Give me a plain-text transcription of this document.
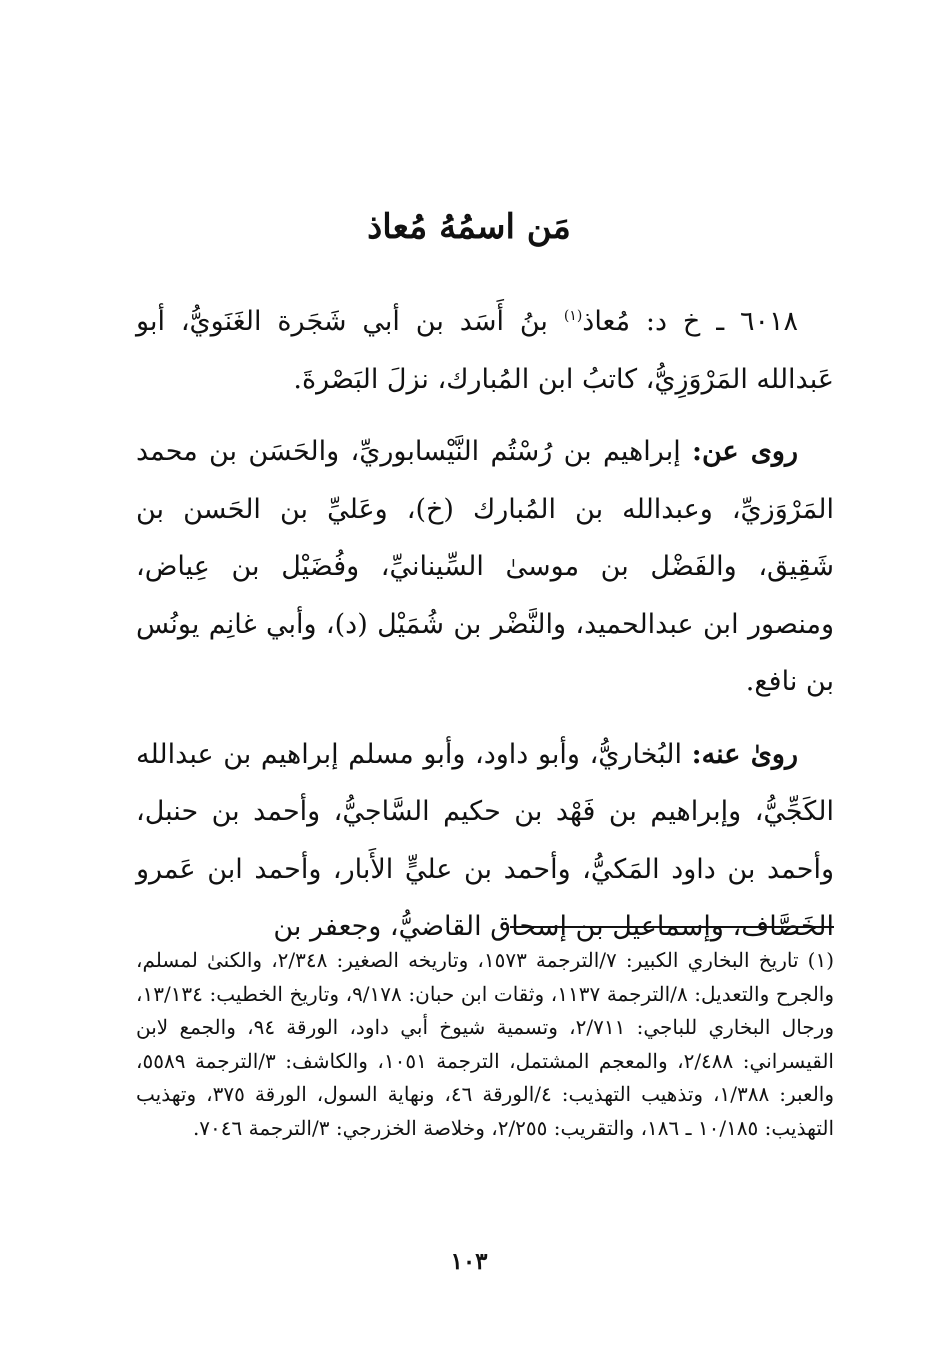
مَن اسمُهُ مُعاذ

٦٠١٨ ـ خ د: مُعاذ$^{(١)}$ بنُ أَسَد بن أبي شَجَرة الغَنَويُّ، أبو عَبدالله المَرْوَزِيُّ، كاتبُ ابن المُبارك، نزلَ البَصْرةَ.

روى عن: إبراهيم بن رُسْتُم النَّيْسابوريِّ، والحَسَن بن محمد المَرْوَزيِّ، وعبدالله بن المُبارك (خ)، وعَليِّ بن الحَسن بن شَقِيق، والفَضْل بن موسىٰ السِّينانيِّ، وفُضَيْل بن عِياض، ومنصور ابن عبدالحميد، والنَّضْر بن شُمَيْل (د)، وأبي غانِم يونُس بن نافع.

روىٰ عنه: البُخاريُّ، وأبو داود، وأبو مسلم إبراهيم بن عبدالله الكَجِّيُّ، وإبراهيم بن فَهْد بن حكيم السَّاجيُّ، وأحمد بن حنبل، وأحمد بن داود المَكيُّ، وأحمد بن عليٍّ الأَبار، وأحمد ابن عَمرو الخَصَّاف، وإسماعيل بن إسحاق القاضيُّ، وجعفر بن

(١) تاريخ البخاري الكبير: ٧/الترجمة ١٥٧٣، وتاريخه الصغير: ٢/٣٤٨، والكنىٰ لمسلم، والجرح والتعديل: ٨/الترجمة ١١٣٧، وثقات ابن حبان: ٩/١٧٨، وتاريخ الخطيب: ١٣/١٣٤، ورجال البخاري للباجي: ٢/٧١١، وتسمية شيوخ أبي داود، الورقة ٩٤، والجمع لابن القيسراني: ٢/٤٨٨، والمعجم المشتمل، الترجمة ١٠٥١، والكاشف: ٣/الترجمة ٥٥٨٩، والعبر: ١/٣٨٨، وتذهيب التهذيب: ٤/الورقة ٤٦، ونهاية السول، الورقة ٣٧٥، وتهذيب التهذيب: ١٠/١٨٥ ـ ١٨٦، والتقريب: ٢/٢٥٥، وخلاصة الخزرجي: ٣/الترجمة ٧٠٤٦.

١٠٣
